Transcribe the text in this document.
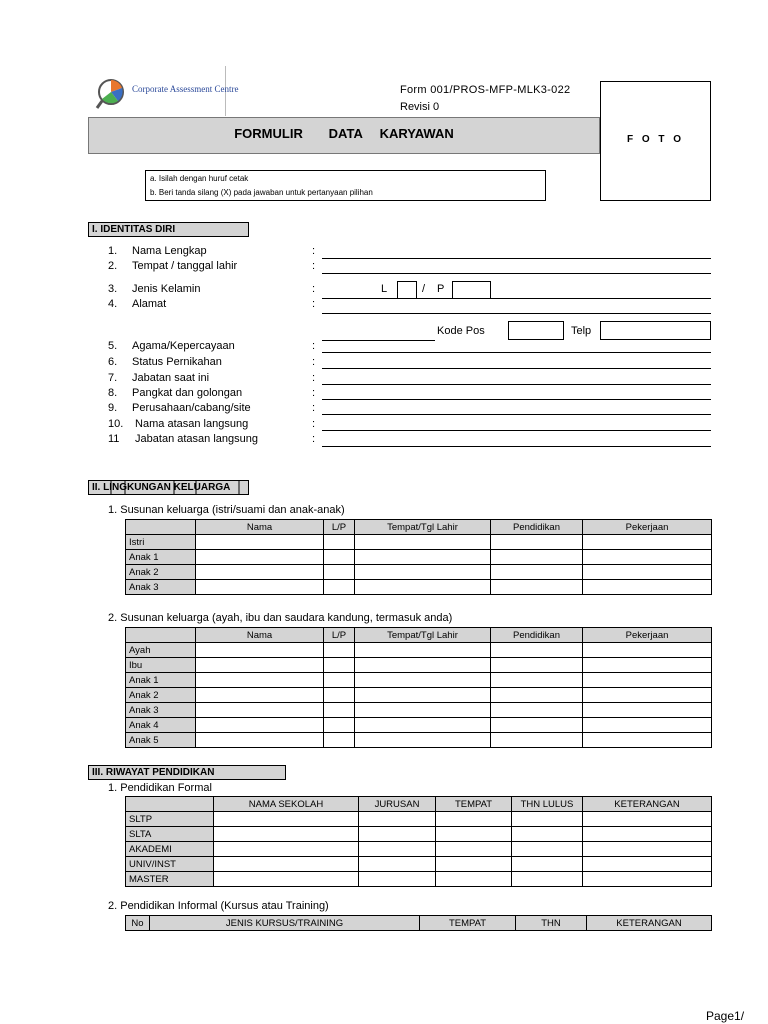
Corporate Assessment Centre	Form 001/PROS-MFP-MLK3-022
Revisi 0
FORMULIR   DATA  KARYAWAN	F O T O
a. Isilah dengan huruf cetak
b. Beri tanda silang (X) pada jawaban untuk pertanyaan pilihan
I. IDENTITAS DIRI
1. Nama Lengkap	:
2. Tempat / tanggal lahir	:
3. Jenis Kelamin	:
4. Alamat	:
5. Agama/Kepercayaan	:
6. Status Pernikahan	:
7. Jabatan saat ini	:
8. Pangkat dan golongan	:
9. Perusahaan/cabang/site	:
10. Nama atasan langsung	:
11 Jabatan atasan langsung	:
L	/ P
Kode Pos	Telp
II. LINGKUNGAN KELUARGA
1. Susunan keluarga (istri/suami dan anak-anak)
	Nama	L/P	Tempat/Tgl Lahir	Pendidikan	Pekerjaan
Istri					
Anak 1					
Anak 2					
Anak 3					
2. Susunan keluarga (ayah, ibu dan saudara kandung, termasuk anda)
	Nama	L/P	Tempat/Tgl Lahir	Pendidikan	Pekerjaan
Ayah					
Ibu					
Anak 1					
Anak 2					
Anak 3					
Anak 4					
Anak 5					
III. RIWAYAT PENDIDIKAN
1. Pendidikan Formal
	NAMA SEKOLAH	JURUSAN	TEMPAT	THN LULUS	KETERANGAN
SLTP					
SLTA					
AKADEMI					
UNIV/INST					
MASTER					
2. Pendidikan Informal (Kursus atau Training)
No	JENIS KURSUS/TRAINING	TEMPAT	THN	KETERANGAN
Page1/
